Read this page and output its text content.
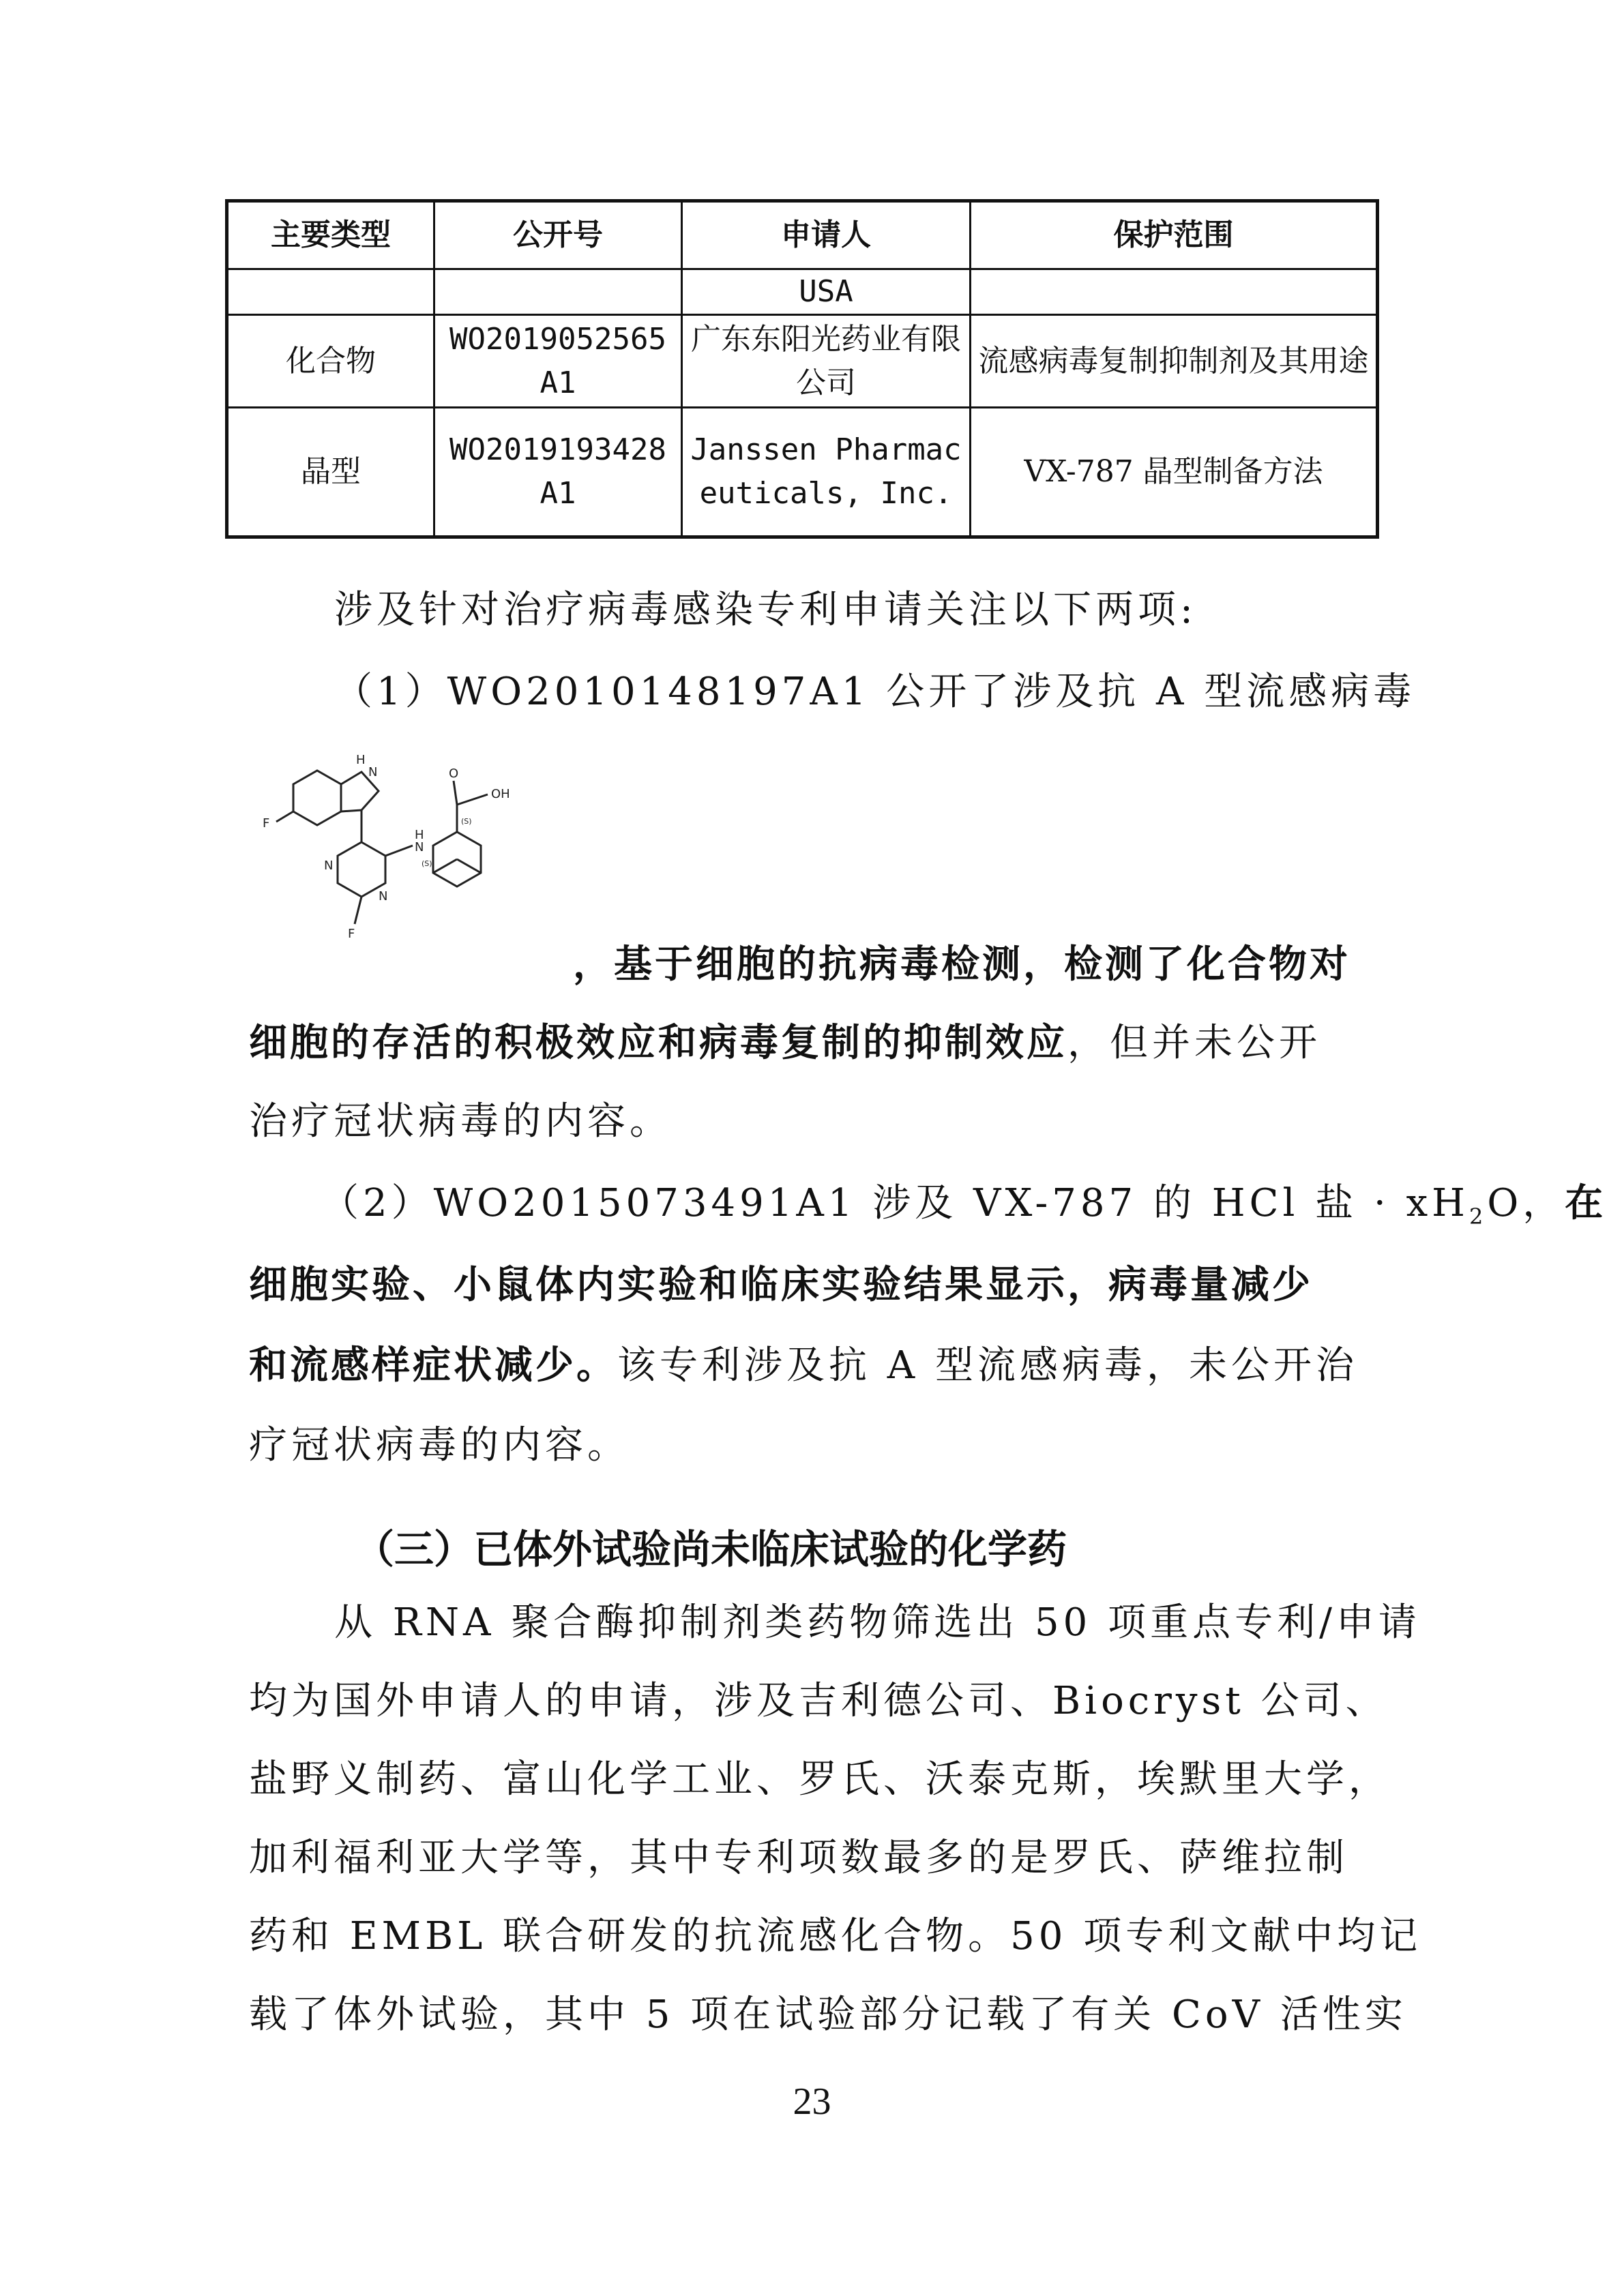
主要类型	公开号	申请人	保护范围
		USA	
化合物	WO2019052565 A1	广东东阳光药业有限公司	流感病毒复制抑制剂及其用途
晶型	WO2019193428 A1	Janssen Pharmaceuticals, Inc.	VX-787 晶型制备方法
涉及针对治疗病毒感染专利申请关注以下两项:
（1）WO2010148197A1 公开了涉及抗 A 型流感病毒
H
N
F
N
N
H
N
O
OH
F
(S)
(S)
，基于细胞的抗病毒检测，检测了化合物对
细胞的存活的积极效应和病毒复制的抑制效应，但并未公开
治疗冠状病毒的内容。
（2）WO2015073491A1 涉及 VX-787 的 HCl 盐 · $xH_2O$，在
细胞实验、小鼠体内实验和临床实验结果显示，病毒量减少
和流感样症状减少。该专利涉及抗 A 型流感病毒，未公开治
疗冠状病毒的内容。
（三）已体外试验尚未临床试验的化学药
从 RNA 聚合酶抑制剂类药物筛选出 50 项重点专利/申请
均为国外申请人的申请，涉及吉利德公司、Biocryst 公司、
盐野义制药、富山化学工业、罗氏、沃泰克斯，埃默里大学，
加利福利亚大学等，其中专利项数最多的是罗氏、萨维拉制
药和 EMBL 联合研发的抗流感化合物。50 项专利文献中均记
载了体外试验，其中 5 项在试验部分记载了有关 CoV 活性实
23
